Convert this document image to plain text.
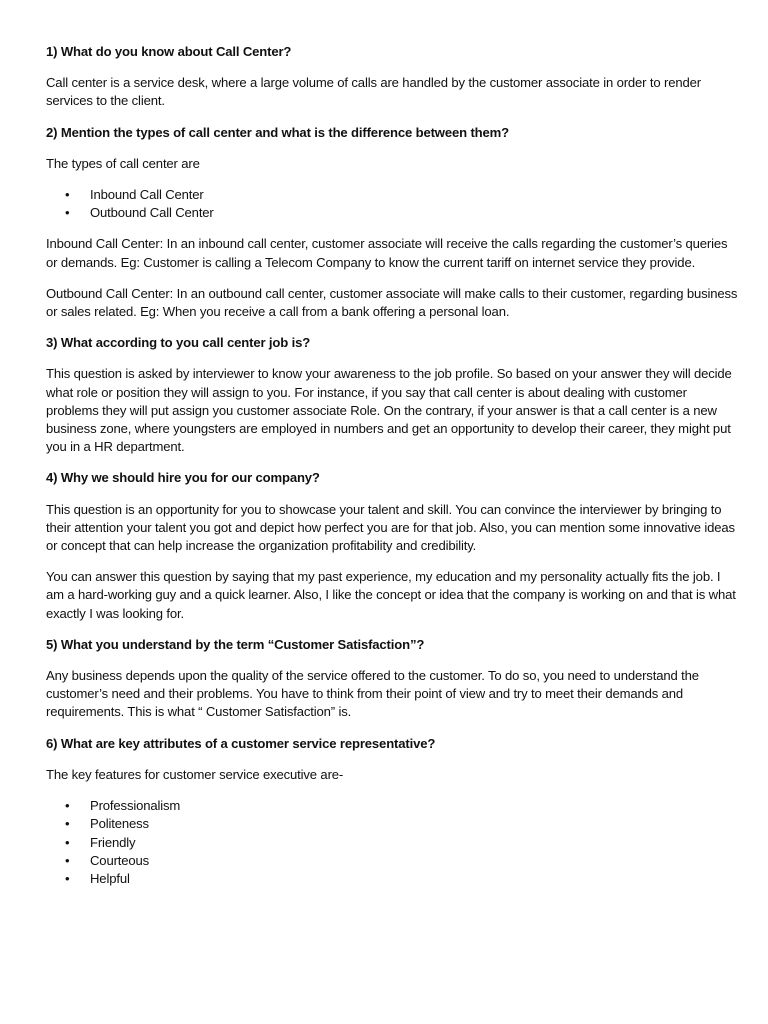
1) What do you know about Call Center?
Call center is a service desk, where a large volume of calls are handled by the customer associate in order to render services to the client.
2) Mention the types of call center and what is the difference between them?
The types of call center are
• Inbound Call Center
• Outbound Call Center
Inbound Call Center: In an inbound call center, customer associate will receive the calls regarding the customer’s queries or demands. Eg: Customer is calling a Telecom Company to know the current tariff on internet service they provide.
Outbound Call Center: In an outbound call center, customer associate will make calls to their customer, regarding business or sales related. Eg: When you receive a call from a bank offering a personal loan.
3) What according to you call center job is?
This question is asked by interviewer to know your awareness to the job profile. So based on your answer they will decide what role or position they will assign to you. For instance, if you say that call center is about dealing with customer problems they will put assign you customer associate Role. On the contrary, if your answer is that a call center is a new business zone, where youngsters are employed in numbers and get an opportunity to develop their career, they might put you in a HR department.
4) Why we should hire you for our company?
This question is an opportunity for you to showcase your talent and skill. You can convince the interviewer by bringing to their attention your talent you got and depict how perfect you are for that job. Also, you can mention some innovative ideas or concept that can help increase the organization profitability and credibility.
You can answer this question by saying that my past experience, my education and my personality actually fits the job. I am a hard-working guy and a quick learner. Also, I like the concept or idea that the company is working on and that is what exactly I was looking for.
5) What you understand by the term “Customer Satisfaction”?
Any business depends upon the quality of the service offered to the customer. To do so, you need to understand the customer’s need and their problems. You have to think from their point of view and try to meet their demands and requirements. This is what “ Customer Satisfaction” is.
6) What are key attributes of a customer service representative?
The key features for customer service executive are-
• Professionalism
• Politeness
• Friendly
• Courteous
• Helpful
